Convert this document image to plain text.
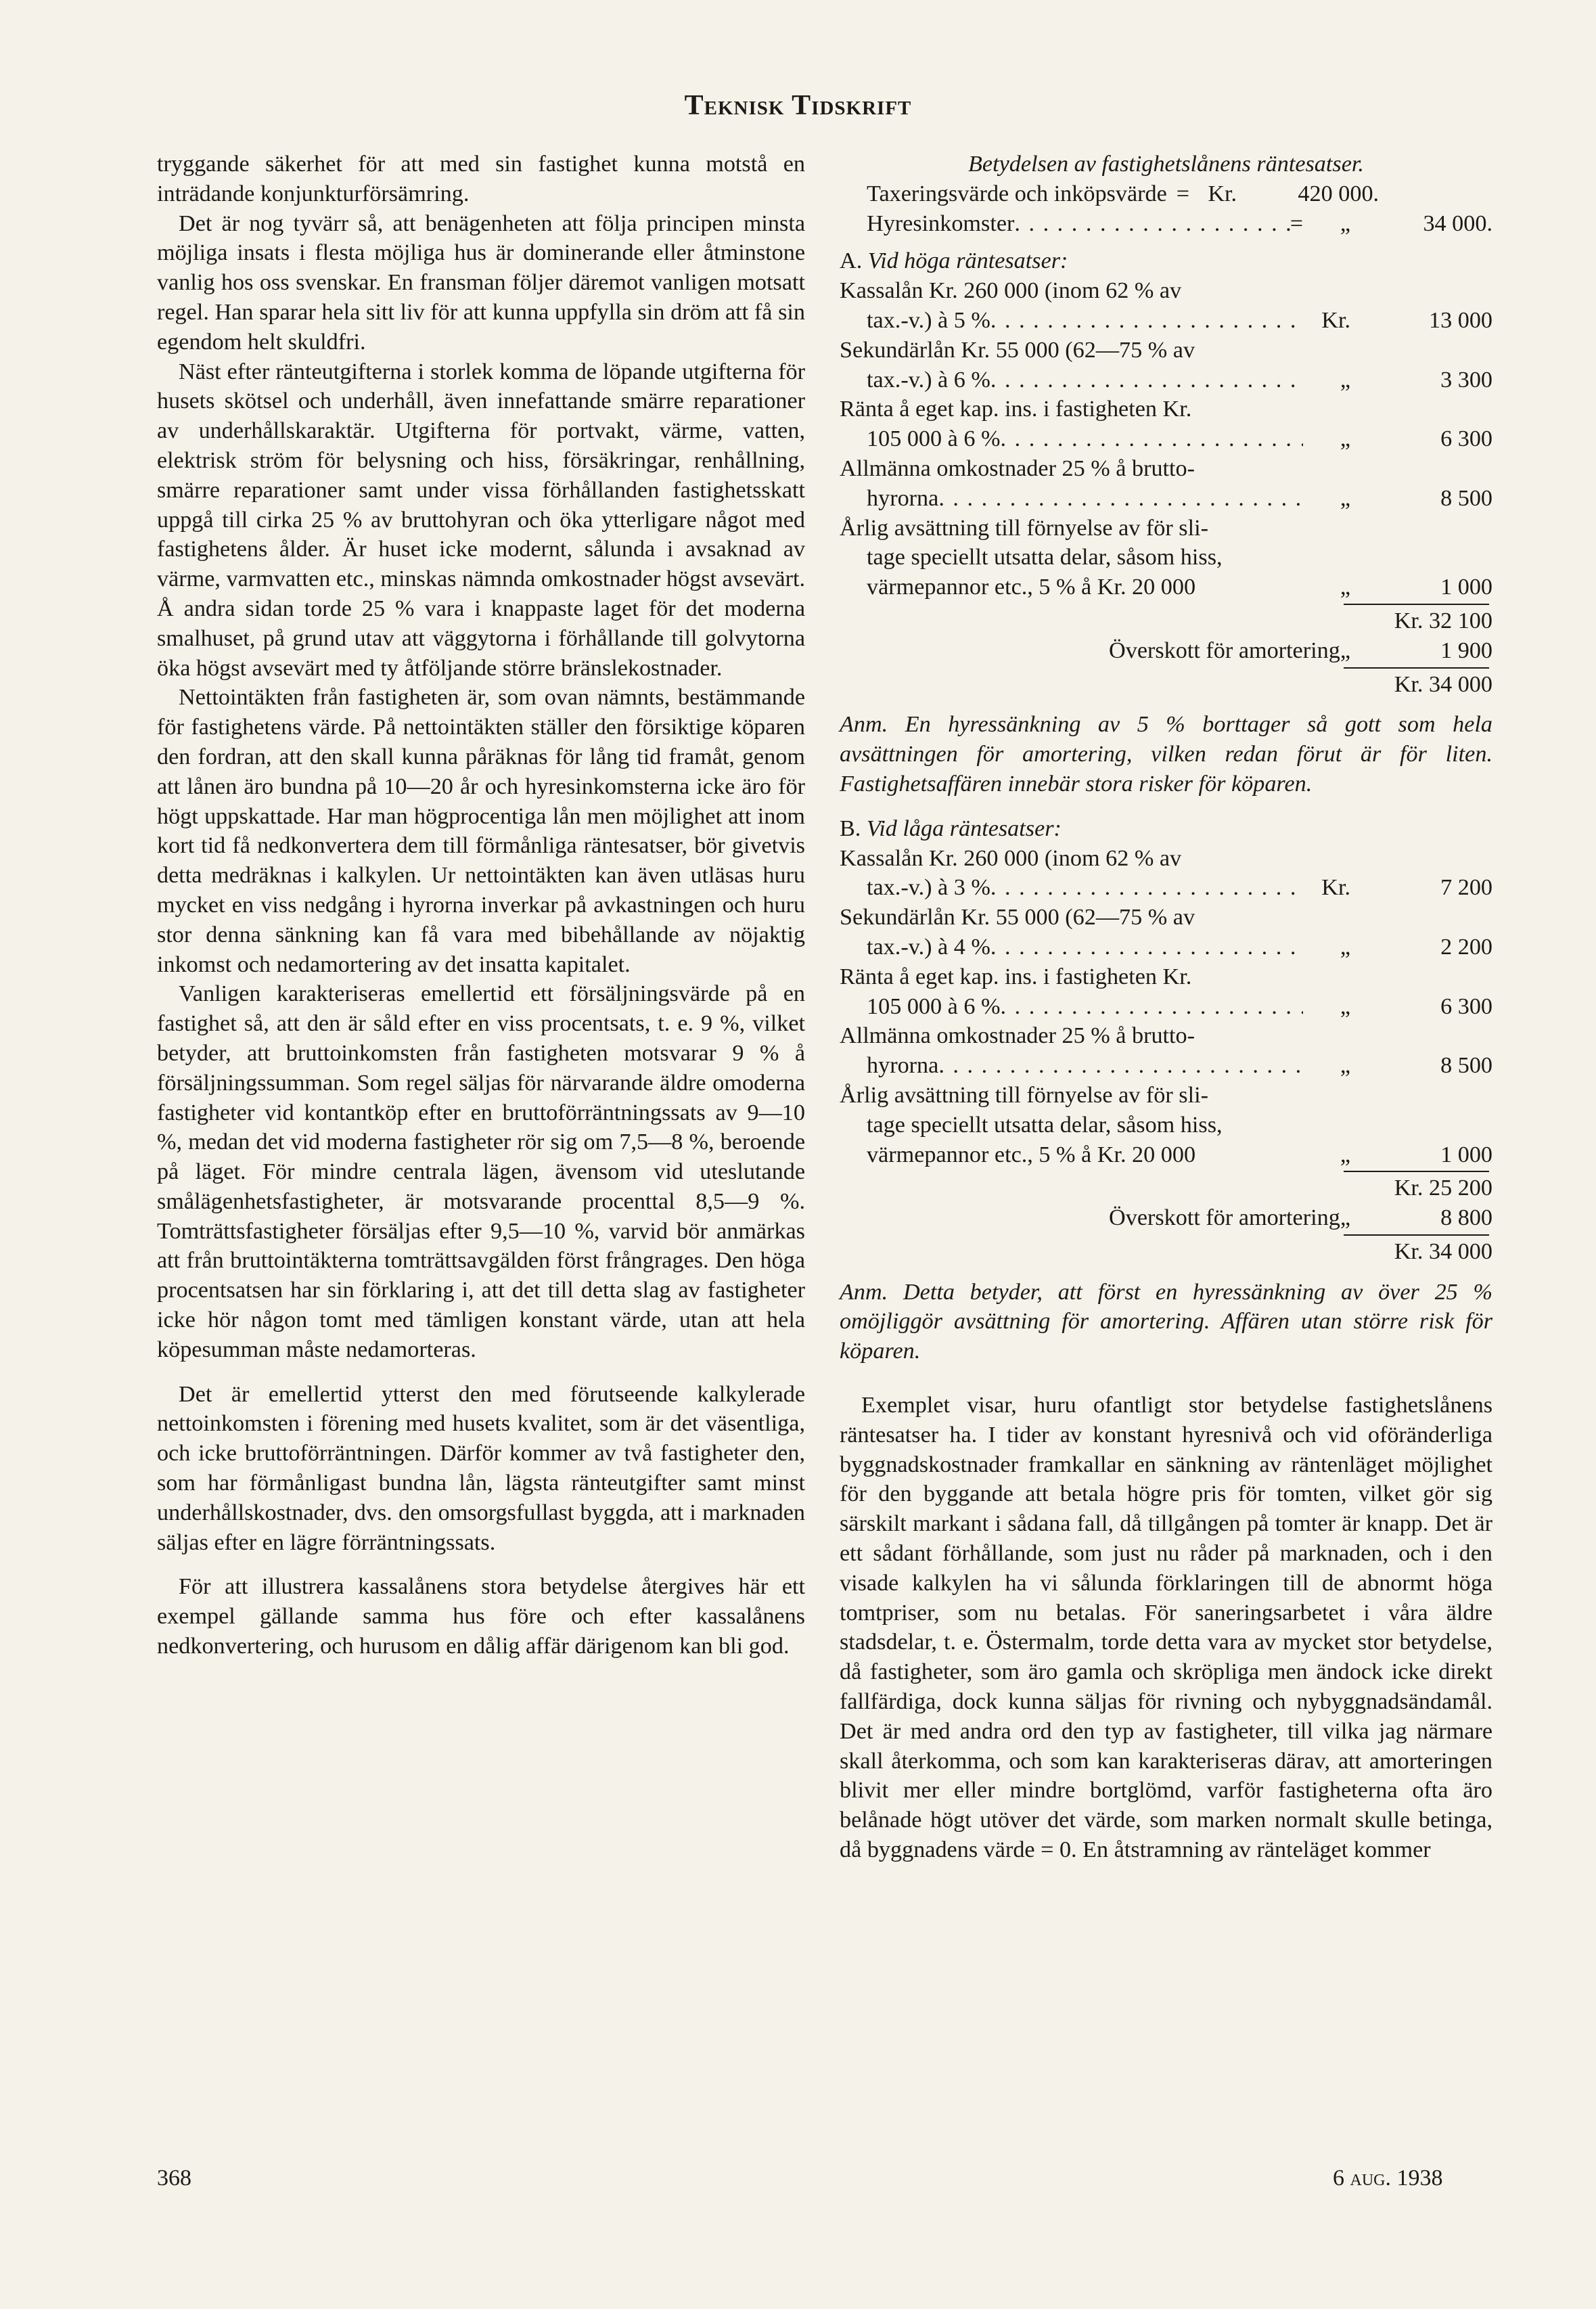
Teknisk Tidskrift

tryggande säkerhet för att med sin fastighet kunna motstå en inträdande konjunkturförsämring.

Det är nog tyvärr så, att benägenheten att följa principen minsta möjliga insats i flesta möjliga hus är dominerande eller åtminstone vanlig hos oss svenskar. En fransman följer däremot vanligen motsatt regel. Han sparar hela sitt liv för att kunna uppfylla sin dröm att få sin egendom helt skuldfri.

Näst efter ränteutgifterna i storlek komma de löpande utgifterna för husets skötsel och underhåll, även innefattande smärre reparationer av underhållskaraktär. Utgifterna för portvakt, värme, vatten, elektrisk ström för belysning och hiss, försäkringar, renhållning, smärre reparationer samt under vissa förhållanden fastighetsskatt uppgå till cirka 25 % av bruttohyran och öka ytterligare något med fastighetens ålder. Är huset icke modernt, sålunda i avsaknad av värme, varmvatten etc., minskas nämnda omkostnader högst avsevärt. Å andra sidan torde 25 % vara i knappaste laget för det moderna smalhuset, på grund utav att väggytorna i förhållande till golvytorna öka högst avsevärt med ty åtföljande större bränslekostnader.

Nettointäkten från fastigheten är, som ovan nämnts, bestämmande för fastighetens värde. På nettointäkten ställer den försiktige köparen den fordran, att den skall kunna påräknas för lång tid framåt, genom att lånen äro bundna på 10—20 år och hyresinkomsterna icke äro för högt uppskattade. Har man högprocentiga lån men möjlighet att inom kort tid få nedkonvertera dem till förmånliga räntesatser, bör givetvis detta medräknas i kalkylen. Ur nettointäkten kan även utläsas huru mycket en viss nedgång i hyrorna inverkar på avkastningen och huru stor denna sänkning kan få vara med bibehållande av nöjaktig inkomst och nedamortering av det insatta kapitalet.

Vanligen karakteriseras emellertid ett försäljningsvärde på en fastighet så, att den är såld efter en viss procentsats, t. e. 9 %, vilket betyder, att bruttoinkomsten från fastigheten motsvarar 9 % å försäljningssumman. Som regel säljas för närvarande äldre omoderna fastigheter vid kontantköp efter en bruttoförräntningssats av 9—10 %, medan det vid moderna fastigheter rör sig om 7,5—8 %, beroende på läget. För mindre centrala lägen, ävensom vid uteslutande smålägenhetsfastigheter, är motsvarande procenttal 8,5—9 %. Tomträttsfastigheter försäljas efter 9,5—10 %, varvid bör anmärkas att från bruttointäkterna tomträttsavgälden först frångrages. Den höga procentsatsen har sin förklaring i, att det till detta slag av fastigheter icke hör någon tomt med tämligen konstant värde, utan att hela köpesumman måste nedamorteras.

Det är emellertid ytterst den med förutseende kalkylerade nettoinkomsten i förening med husets kvalitet, som är det väsentliga, och icke bruttoförräntningen. Därför kommer av två fastigheter den, som har förmånligast bundna lån, lägsta ränteutgifter samt minst underhållskostnader, dvs. den omsorgsfullast byggda, att i marknaden säljas efter en lägre förräntningssats.

För att illustrera kassalånens stora betydelse återgives här ett exempel gällande samma hus före och efter kassalånens nedkonvertering, och hurusom en dålig affär därigenom kan bli god.

Betydelsen av fastighetslånens räntesatser.
Taxeringsvärde och inköpsvärde = Kr.	420 000.
Hyresinkomster . . .	=	„	34 000.
A. Vid höga räntesatser:
Kassalån Kr. 260 000 (inom 62 % av
tax.-v.) à 5 % . . .	Kr.	13 000
Sekundärlån Kr. 55 000 (62—75 % av
tax.-v.) à 6 % . . .	„	3 300
Ränta å eget kap. ins. i fastigheten Kr.
105 000 à 6 % . . .	„	6 300
Allmänna omkostnader 25 % å brutto-
hyrorna . . .	„	8 500
Årlig avsättning till förnyelse av för sli-
tage speciellt utsatta delar, såsom hiss,
värmepannor etc., 5 % å Kr. 20 000	„	1 000
Kr. 32 100
Överskott för amortering „	1 900
Kr. 34 000
Anm. En hyressänkning av 5 % borttager så gott som hela avsättningen för amortering, vilken redan förut är för liten. Fastighetsaffären innebär stora risker för köparen.
B. Vid låga räntesatser:
Kassalån Kr. 260 000 (inom 62 % av
tax.-v.) à 3 % . . .	Kr.	7 200
Sekundärlån Kr. 55 000 (62—75 % av
tax.-v.) à 4 % . . .	„	2 200
Ränta å eget kap. ins. i fastigheten Kr.
105 000 à 6 % . . .	„	6 300
Allmänna omkostnader 25 % å brutto-
hyrorna . . .	„	8 500
Årlig avsättning till förnyelse av för sli-
tage speciellt utsatta delar, såsom hiss,
värmepannor etc., 5 % å Kr. 20 000	„	1 000
Kr. 25 200
Överskott för amortering „	8 800
Kr. 34 000
Anm. Detta betyder, att först en hyressänkning av över 25 % omöjliggör avsättning för amortering. Affären utan större risk för köparen.

Exemplet visar, huru ofantligt stor betydelse fastighetslånens räntesatser ha. I tider av konstant hyresnivå och vid oföränderliga byggnadskostnader framkallar en sänkning av räntenläget möjlighet för den byggande att betala högre pris för tomten, vilket gör sig särskilt markant i sådana fall, då tillgången på tomter är knapp. Det är ett sådant förhållande, som just nu råder på marknaden, och i den visade kalkylen ha vi sålunda förklaringen till de abnormt höga tomtpriser, som nu betalas. För saneringsarbetet i våra äldre stadsdelar, t. e. Östermalm, torde detta vara av mycket stor betydelse, då fastigheter, som äro gamla och skröpliga men ändock icke direkt fallfärdiga, dock kunna säljas för rivning och nybyggnadsändamål. Det är med andra ord den typ av fastigheter, till vilka jag närmare skall återkomma, och som kan karakteriseras därav, att amorteringen blivit mer eller mindre bortglömd, varför fastigheterna ofta äro belånade högt utöver det värde, som marken normalt skulle betinga, då byggnadens värde = 0. En åtstramning av ränteläget kommer

368	6 aug. 1938
